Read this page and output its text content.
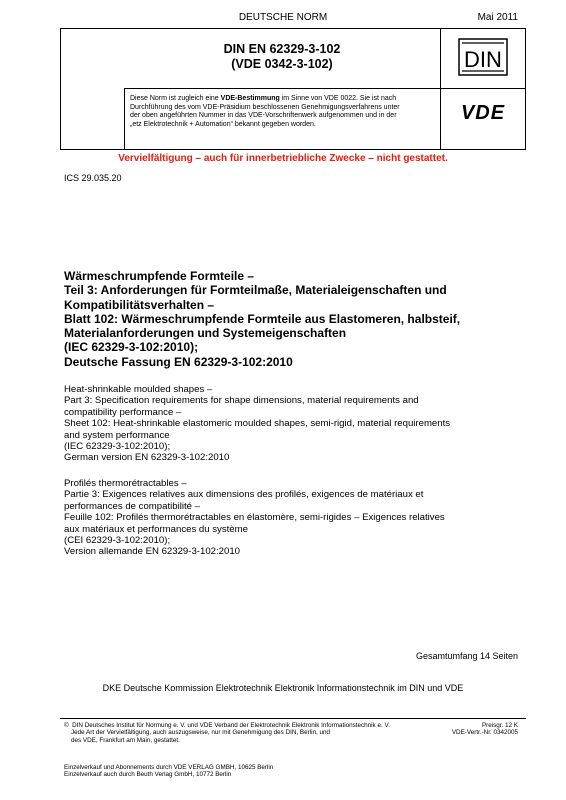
DEUTSCHE NORM	Mai 2011
DIN EN 62329-3-102
(VDE 0342-3-102)
Diese Norm ist zugleich eine VDE-Bestimmung im Sinne von VDE 0022. Sie ist nach
Durchführung des vom VDE-Präsidium beschlossenen Genehmigungsverfahrens unter
der oben angeführten Nummer in das VDE-Vorschriftenwerk aufgenommen und in der
„etz Elektrotechnik + Automation“ bekannt gegeben worden.
DIN
VDE
Vervielfältigung – auch für innerbetriebliche Zwecke – nicht gestattet.
ICS 29.035.20
Wärmeschrumpfende Formteile –
Teil 3: Anforderungen für Formteilmaße, Materialeigenschaften und
Kompatibilitätsverhalten –
Blatt 102: Wärmeschrumpfende Formteile aus Elastomeren, halbsteif,
Materialanforderungen und Systemeigenschaften
(IEC 62329-3-102:2010);
Deutsche Fassung EN 62329-3-102:2010
Heat-shrinkable moulded shapes –
Part 3: Specification requirements for shape dimensions, material requirements and
compatibility performance –
Sheet 102: Heat-shrinkable elastomeric moulded shapes, semi-rigid, material requirements
and system performance
(IEC 62329-3-102:2010);
German version EN 62329-3-102:2010
Profilés thermorétractables –
Partie 3: Exigences relatives aux dimensions des profilés, exigences de matériaux et
performances de compatibilité –
Feuille 102: Profilés thermorétractables en élastomère, semi-rigides – Exigences relatives
aux matériaux et performances du système
(CEI 62329-3-102:2010);
Version allemande EN 62329-3-102:2010
Gesamtumfang 14 Seiten
DKE Deutsche Kommission Elektrotechnik Elektronik Informationstechnik im DIN und VDE
©  DIN Deutsches Institut für Normung e. V. und VDE Verband der Elektrotechnik Elektronik Informationstechnik e. V.
Jede Art der Vervielfältigung, auch auszugsweise, nur mit Genehmigung des DIN, Berlin, und
des VDE, Frankfurt am Main, gestattet.
Preisgr. 12 K
VDE-Vertr.-Nr. 0342005
Einzelverkauf und Abonnements durch VDE VERLAG GMBH, 10625 Berlin
Einzelverkauf auch durch Beuth Verlag GmbH, 10772 Berlin
